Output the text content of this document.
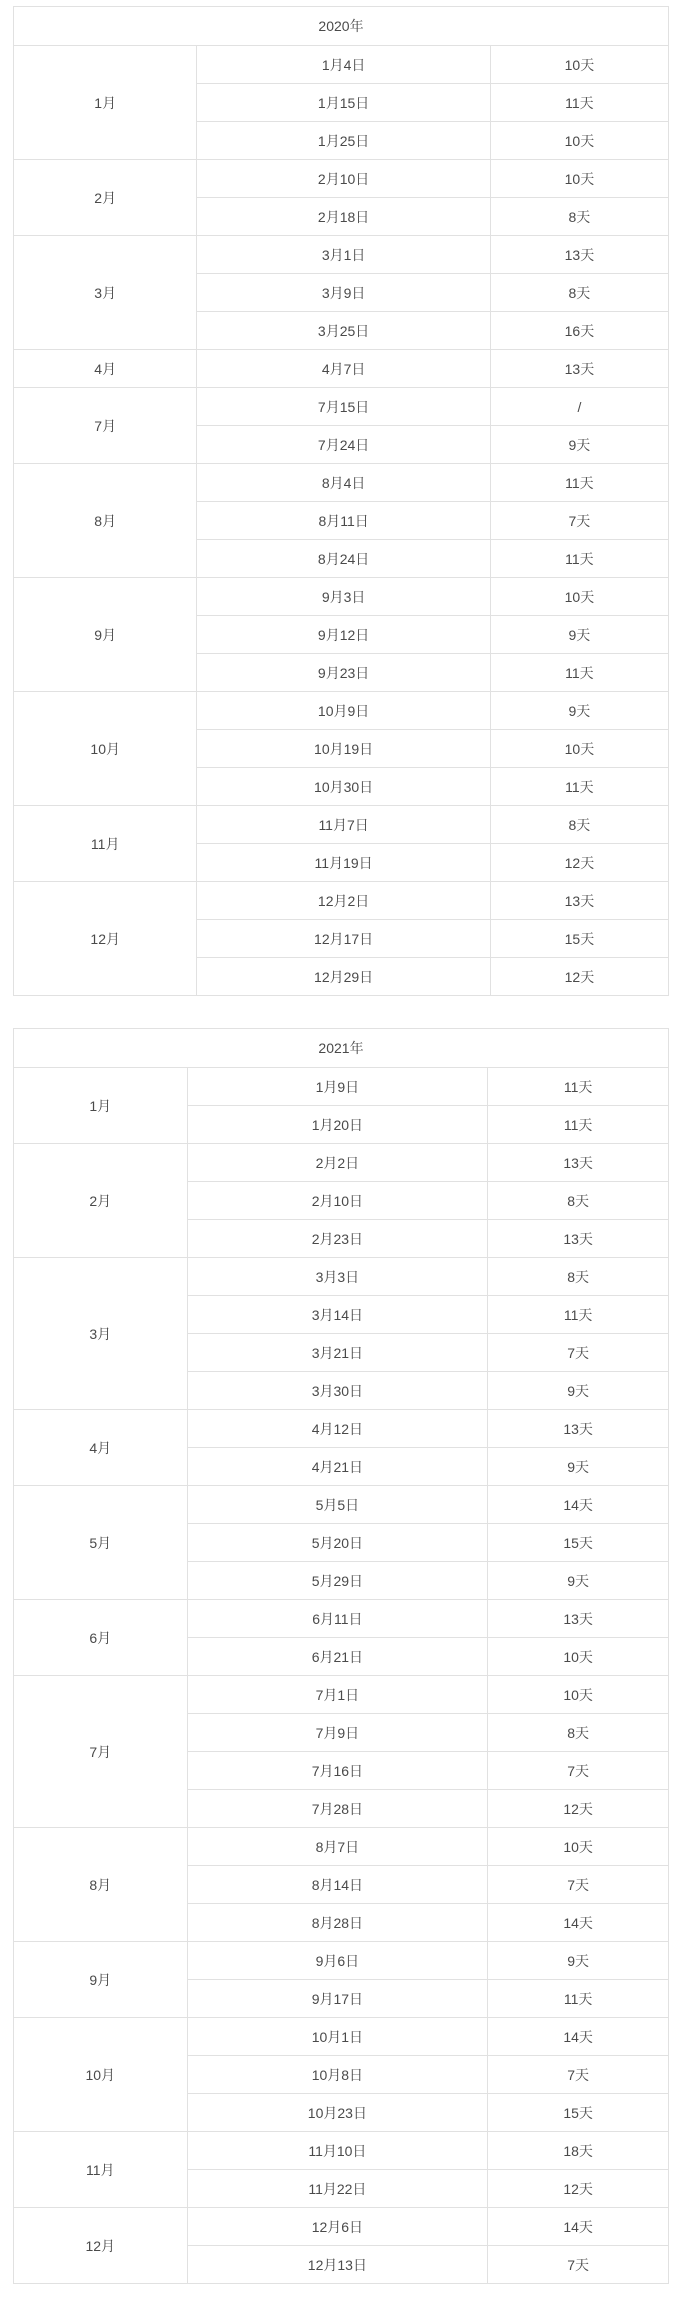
2020年		
1月	1月4日	10天
	1月15日	11天
	1月25日	10天
2月	2月10日	10天
	2月18日	8天
3月	3月1日	13天
	3月9日	8天
	3月25日	16天
4月	4月7日	13天
7月	7月15日	/
	7月24日	9天
8月	8月4日	11天
	8月11日	7天
	8月24日	11天
9月	9月3日	10天
	9月12日	9天
	9月23日	11天
10月	10月9日	9天
	10月19日	10天
	10月30日	11天
11月	11月7日	8天
	11月19日	12天
12月	12月2日	13天
	12月17日	15天
	12月29日	12天
2021年		
1月	1月9日	11天
	1月20日	11天
2月	2月2日	13天
	2月10日	8天
	2月23日	13天
3月	3月3日	8天
	3月14日	11天
	3月21日	7天
	3月30日	9天
4月	4月12日	13天
	4月21日	9天
5月	5月5日	14天
	5月20日	15天
	5月29日	9天
6月	6月11日	13天
	6月21日	10天
7月	7月1日	10天
	7月9日	8天
	7月16日	7天
	7月28日	12天
8月	8月7日	10天
	8月14日	7天
	8月28日	14天
9月	9月6日	9天
	9月17日	11天
10月	10月1日	14天
	10月8日	7天
	10月23日	15天
11月	11月10日	18天
	11月22日	12天
12月	12月6日	14天
	12月13日	7天
